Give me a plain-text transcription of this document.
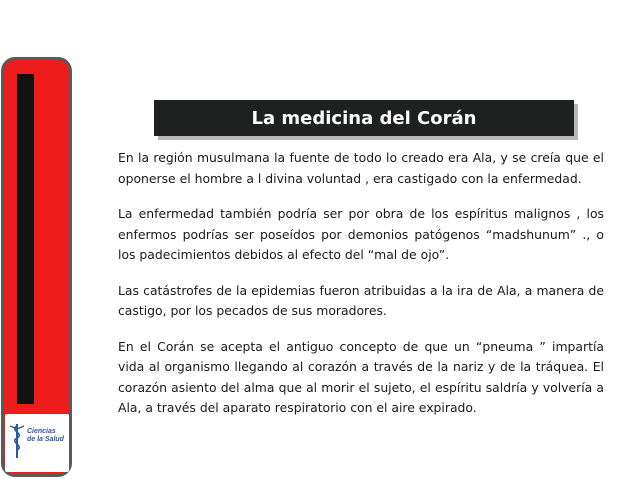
Ciencias
de la Salud
La medicina del Corán

En la región musulmana la fuente de todo lo creado era Ala, y se creía que el oponerse el hombre a l divina voluntad , era castigado con la enfermedad.

La enfermedad también podría ser por obra de los espíritus malignos , los enfermos podrías ser poseídos por demonios patógenos “madshunum” ., o los padecimientos debidos al efecto del “mal de ojo”.

Las catástrofes de la epidemias fueron atribuidas a la ira de Ala, a manera de castigo, por los pecados de sus moradores.

En el Corán se acepta el antiguo concepto de que un “pneuma ” impartía vida al organismo llegando al corazón a través de la nariz y de la tráquea. El corazón asiento del alma que al morir el sujeto, el espíritu saldría y volvería a Ala, a través del aparato respiratorio con el aire expirado.
